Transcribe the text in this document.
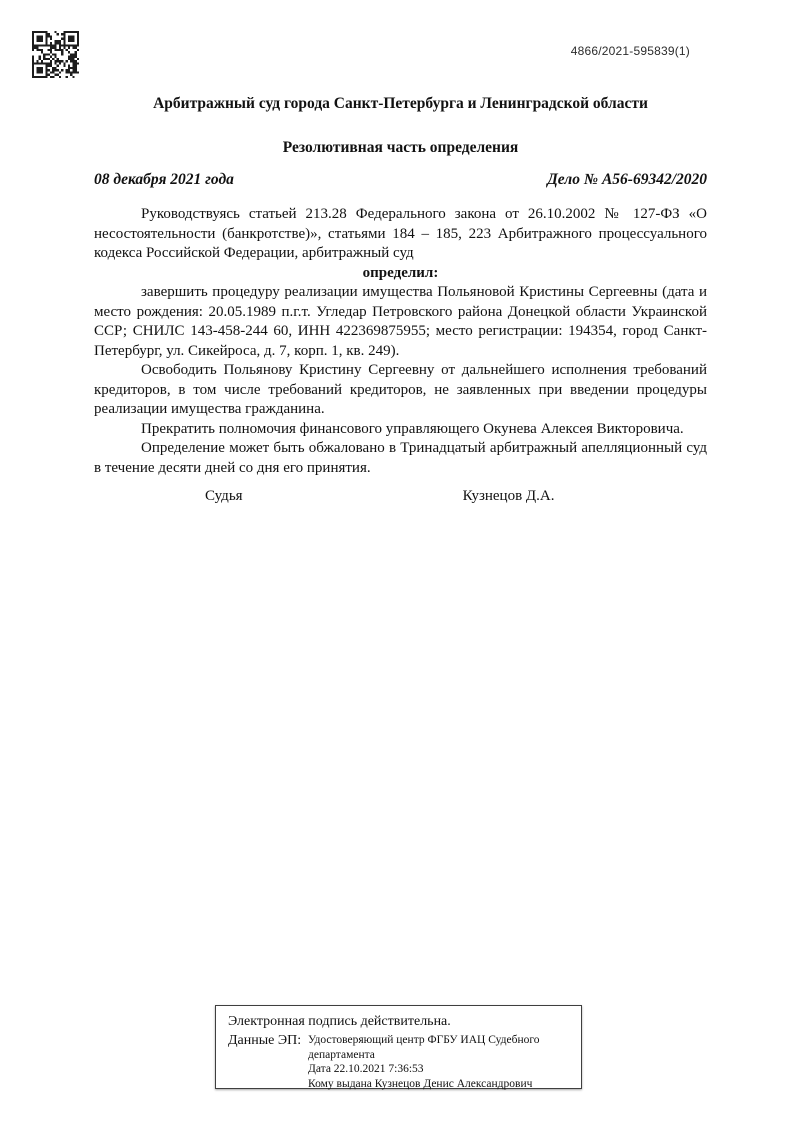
4866/2021-595839(1)
Арбитражный суд города Санкт-Петербурга и Ленинградской области
Резолютивная часть определения
08 декабря 2021 года	Дело № А56-69342/2020

Руководствуясь статьей 213.28 Федерального закона от 26.10.2002 № 127-ФЗ «О несостоятельности (банкротстве)», статьями 184 – 185, 223 Арбитражного процессуального кодекса Российской Федерации, арбитражный суд

определил:

завершить процедуру реализации имущества Польяновой Кристины Сергеевны (дата и место рождения: 20.05.1989 п.г.т. Угледар Петровского района Донецкой области Украинской ССР; СНИЛС 143-458-244 60, ИНН 422369875955; место регистрации: 194354, город Санкт-Петербург, ул. Сикейроса, д. 7, корп. 1, кв. 249).

Освободить Польянову Кристину Сергеевну от дальнейшего исполнения требований кредиторов, в том числе требований кредиторов, не заявленных при введении процедуры реализации имущества гражданина.

Прекратить полномочия финансового управляющего Окунева Алексея Викторовича.

Определение может быть обжаловано в Тринадцатый арбитражный апелляционный суд в течение десяти дней со дня его принятия.

Судья	Кузнецов Д.А.
Электронная подпись действительна.
Данные ЭП: Удостоверяющий центр ФГБУ ИАЦ Судебного департамента
Дата 22.10.2021 7:36:53
Кому выдана Кузнецов Денис Александрович
